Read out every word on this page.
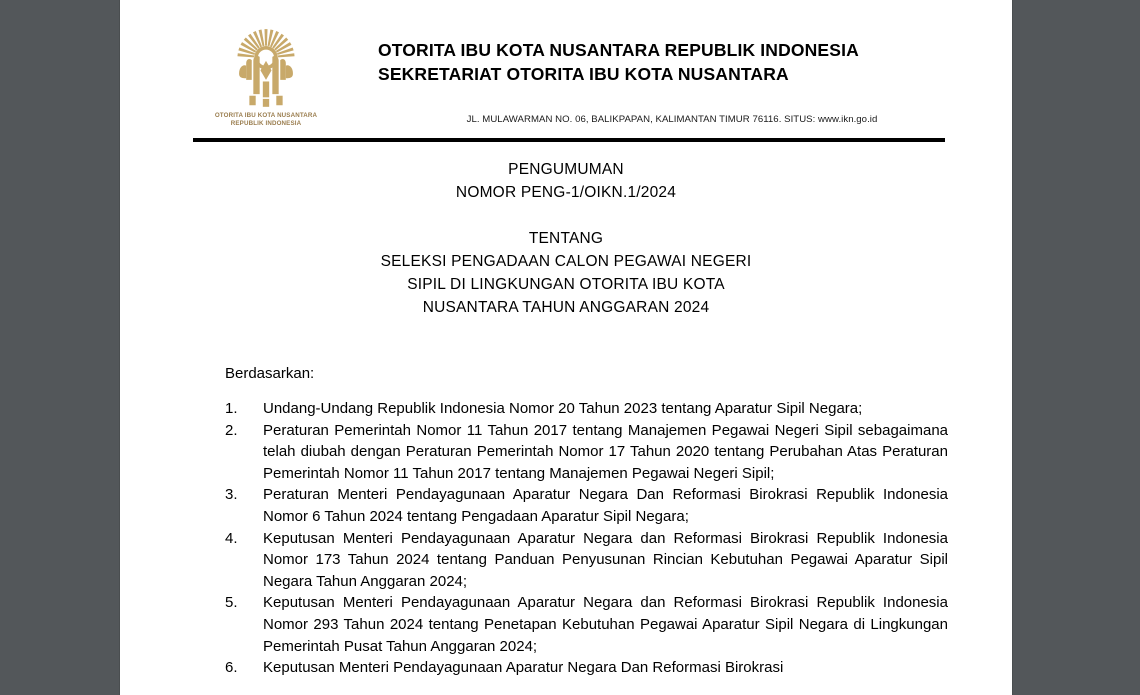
OTORITA IBU KOTA NUSANTARA
REPUBLIK INDONESIA
OTORITA IBU KOTA NUSANTARA REPUBLIK INDONESIA
SEKRETARIAT OTORITA IBU KOTA NUSANTARA
JL. MULAWARMAN NO. 06, BALIKPAPAN, KALIMANTAN TIMUR 76116. SITUS: www.ikn.go.id
PENGUMUMAN
NOMOR PENG-1/OIKN.1/2024
TENTANG
SELEKSI PENGADAAN CALON PEGAWAI NEGERI
SIPIL DI LINGKUNGAN OTORITA IBU KOTA
NUSANTARA TAHUN ANGGARAN 2024
Berdasarkan:
1.	Undang-Undang Republik Indonesia Nomor 20 Tahun 2023 tentang Aparatur Sipil Negara;
2.	Peraturan Pemerintah Nomor 11 Tahun 2017 tentang Manajemen Pegawai Negeri Sipil sebagaimana telah diubah dengan Peraturan Pemerintah Nomor 17 Tahun 2020 tentang Perubahan Atas Peraturan Pemerintah Nomor 11 Tahun 2017 tentang Manajemen Pegawai Negeri Sipil;
3.	Peraturan Menteri Pendayagunaan Aparatur Negara Dan Reformasi Birokrasi Republik Indonesia Nomor 6 Tahun 2024 tentang Pengadaan Aparatur Sipil Negara;
4.	Keputusan Menteri Pendayagunaan Aparatur Negara dan Reformasi Birokrasi Republik Indonesia Nomor 173 Tahun 2024 tentang Panduan Penyusunan Rincian Kebutuhan Pegawai Aparatur Sipil Negara Tahun Anggaran 2024;
5.	Keputusan Menteri Pendayagunaan Aparatur Negara dan Reformasi Birokrasi Republik Indonesia Nomor 293 Tahun 2024 tentang Penetapan Kebutuhan Pegawai Aparatur Sipil Negara di Lingkungan Pemerintah Pusat Tahun Anggaran 2024;
6.	Keputusan Menteri Pendayagunaan Aparatur Negara Dan Reformasi Birokrasi
